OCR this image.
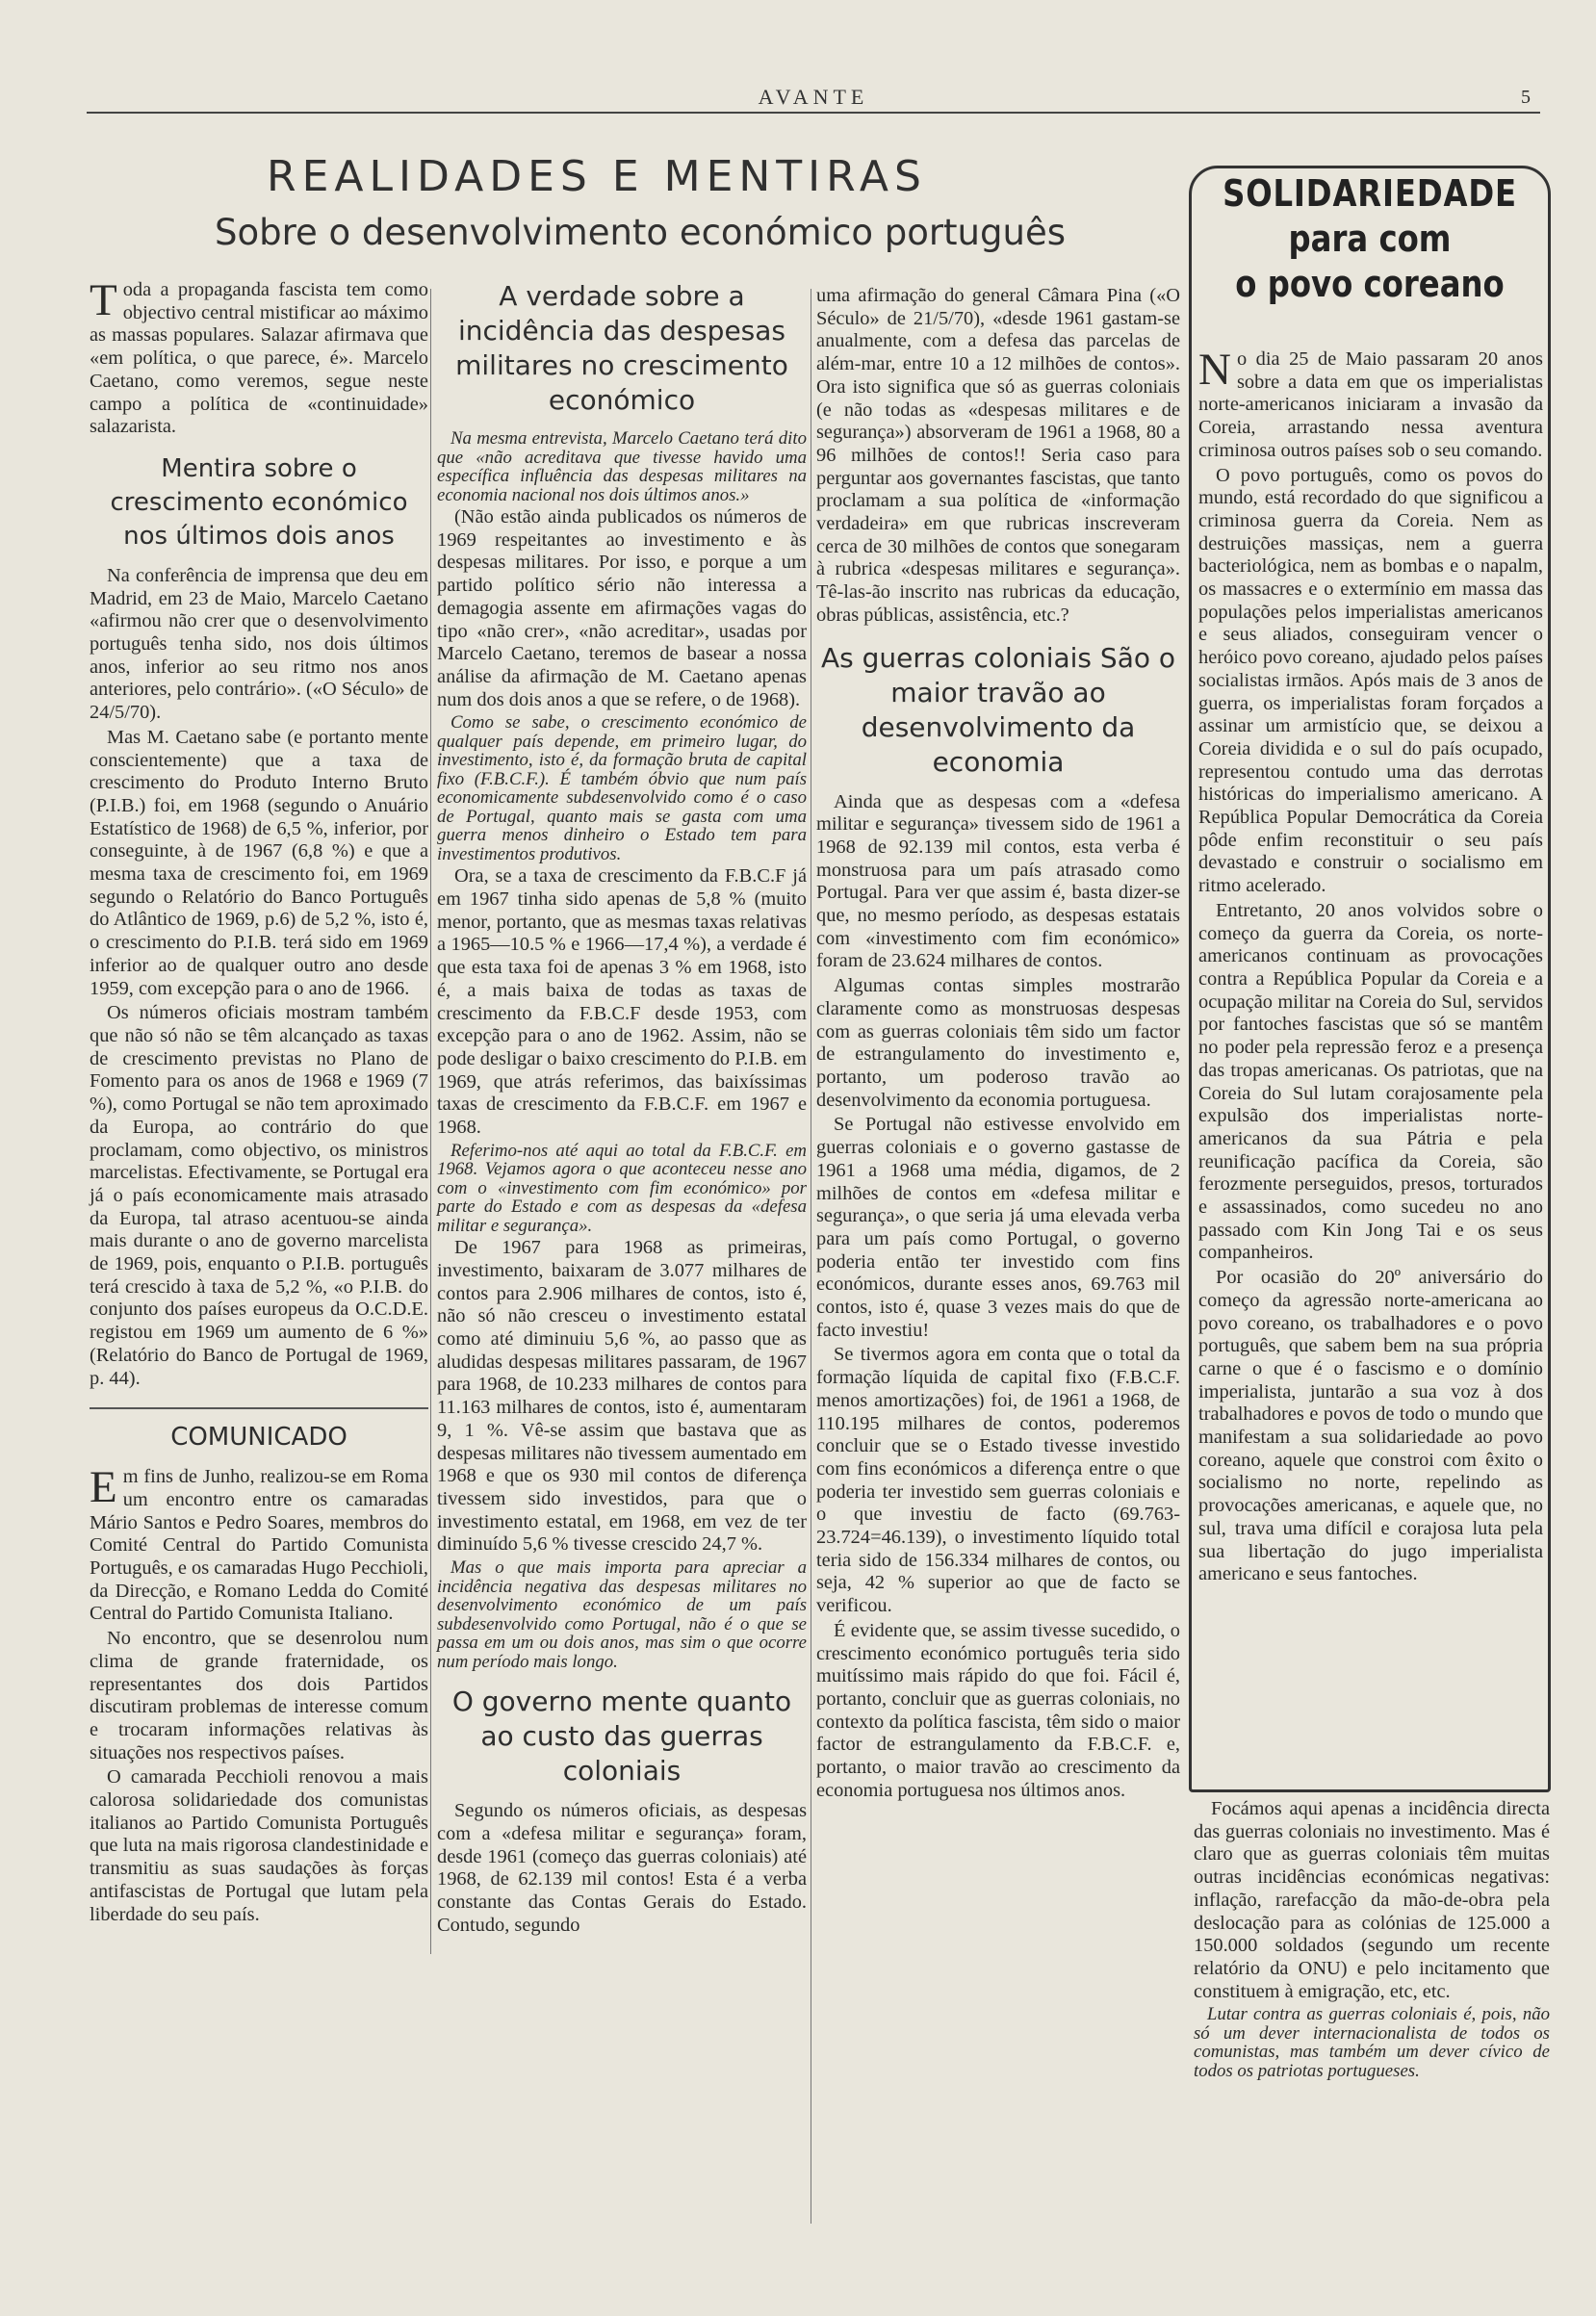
AVANTE	5
REALIDADES E MENTIRAS
Sobre o desenvolvimento económico português

Toda a propaganda fascista tem como objectivo central mistificar ao máximo as massas populares. Salazar afirmava que «em política, o que parece, é». Marcelo Caetano, como veremos, segue neste campo a política de «continuidade» salazarista.

Mentira sobre o crescimento económico nos últimos dois anos

Na conferência de imprensa que deu em Madrid, em 23 de Maio, Marcelo Caetano «afirmou não crer que o desenvolvimento português tenha sido, nos dois últimos anos, inferior ao seu ritmo nos anos anteriores, pelo contrário». («O Século» de 24/5/70).

Mas M. Caetano sabe (e portanto mente conscientemente) que a taxa de crescimento do Produto Interno Bruto (P.I.B.) foi, em 1968 (segundo o Anuário Estatístico de 1968) de 6,5 %, inferior, por conseguinte, à de 1967 (6,8 %) e que a mesma taxa de crescimento foi, em 1969 segundo o Relatório do Banco Português do Atlântico de 1969, p.6) de 5,2 %, isto é, o crescimento do P.I.B. terá sido em 1969 inferior ao de qualquer outro ano desde 1959, com excepção para o ano de 1966.

Os números oficiais mostram também que não só não se têm alcançado as taxas de crescimento previstas no Plano de Fomento para os anos de 1968 e 1969 (7 %), como Portugal se não tem aproximado da Europa, ao contrário do que proclamam, como objectivo, os ministros marcelistas. Efectivamente, se Portugal era já o país economicamente mais atrasado da Europa, tal atraso acentuou-se ainda mais durante o ano de governo marcelista de 1969, pois, enquanto o P.I.B. português terá crescido à taxa de 5,2 %, «o P.I.B. do conjunto dos países europeus da O.C.D.E. registou em 1969 um aumento de 6 %» (Relatório do Banco de Portugal de 1969, p. 44).

COMUNICADO

Em fins de Junho, realizou-se em Roma um encontro entre os camaradas Mário Santos e Pedro Soares, membros do Comité Central do Partido Comunista Português, e os camaradas Hugo Pecchioli, da Direcção, e Romano Ledda do Comité Central do Partido Comunista Italiano.

No encontro, que se desenrolou num clima de grande fraternidade, os representantes dos dois Partidos discutiram problemas de interesse comum e trocaram informações relativas às situações nos respectivos países.

O camarada Pecchioli renovou a mais calorosa solidariedade dos comunistas italianos ao Partido Comunista Português que luta na mais rigorosa clandestinidade e transmitiu as suas saudações às forças antifascistas de Portugal que lutam pela liberdade do seu país.

A verdade sobre a incidência das despesas militares no crescimento económico

Na mesma entrevista, Marcelo Caetano terá dito que «não acreditava que tivesse havido uma específica influência das despesas militares na economia nacional nos dois últimos anos.»

(Não estão ainda publicados os números de 1969 respeitantes ao investimento e às despesas militares. Por isso, e porque a um partido político sério não interessa a demagogia assente em afirmações vagas do tipo «não crer», «não acreditar», usadas por Marcelo Caetano, teremos de basear a nossa análise da afirmação de M. Caetano apenas num dos dois anos a que se refere, o de 1968).

Como se sabe, o crescimento económico de qualquer país depende, em primeiro lugar, do investimento, isto é, da formação bruta de capital fixo (F.B.C.F.). É também óbvio que num país economicamente subdesenvolvido como é o caso de Portugal, quanto mais se gasta com uma guerra menos dinheiro o Estado tem para investimentos produtivos.

Ora, se a taxa de crescimento da F.B.C.F já em 1967 tinha sido apenas de 5,8 % (muito menor, portanto, que as mesmas taxas relativas a 1965—10.5 % e 1966—17,4 %), a verdade é que esta taxa foi de apenas 3 % em 1968, isto é, a mais baixa de todas as taxas de crescimento da F.B.C.F desde 1953, com excepção para o ano de 1962. Assim, não se pode desligar o baixo crescimento do P.I.B. em 1969, que atrás referimos, das baixíssimas taxas de crescimento da F.B.C.F. em 1967 e 1968.

Referimo-nos até aqui ao total da F.B.C.F. em 1968. Vejamos agora o que aconteceu nesse ano com o «investimento com fim económico» por parte do Estado e com as despesas da «defesa militar e segurança».

De 1967 para 1968 as primeiras, investimento, baixaram de 3.077 milhares de contos para 2.906 milhares de contos, isto é, não só não cresceu o investimento estatal como até diminuiu 5,6 %, ao passo que as aludidas despesas militares passaram, de 1967 para 1968, de 10.233 milhares de contos para 11.163 milhares de contos, isto é, aumentaram 9, 1 %. Vê-se assim que bastava que as despesas militares não tivessem aumentado em 1968 e que os 930 mil contos de diferença tivessem sido investidos, para que o investimento estatal, em 1968, em vez de ter diminuído 5,6 % tivesse crescido 24,7 %.

Mas o que mais importa para apreciar a incidência negativa das despesas militares no desenvolvimento económico de um país subdesenvolvido como Portugal, não é o que se passa em um ou dois anos, mas sim o que ocorre num período mais longo.

O governo mente quanto ao custo das guerras coloniais

Segundo os números oficiais, as despesas com a «defesa militar e segurança» foram, desde 1961 (começo das guerras coloniais) até 1968, de 62.139 mil contos! Esta é a verba constante das Contas Gerais do Estado. Contudo, segundo

uma afirmação do general Câmara Pina («O Século» de 21/5/70), «desde 1961 gastam-se anualmente, com a defesa das parcelas de além-mar, entre 10 a 12 milhões de contos». Ora isto significa que só as guerras coloniais (e não todas as «despesas militares e de segurança») absorveram de 1961 a 1968, 80 a 96 milhões de contos!! Seria caso para perguntar aos governantes fascistas, que tanto proclamam a sua política de «informação verdadeira» em que rubricas inscreveram cerca de 30 milhões de contos que sonegaram à rubrica «despesas militares e segurança». Tê-las-ão inscrito nas rubricas da educação, obras públicas, assistência, etc.?

As guerras coloniais São o maior travão ao desenvolvimento da economia

Ainda que as despesas com a «defesa militar e segurança» tivessem sido de 1961 a 1968 de 92.139 mil contos, esta verba é monstruosa para um país atrasado como Portugal. Para ver que assim é, basta dizer-se que, no mesmo período, as despesas estatais com «investimento com fim económico» foram de 23.624 milhares de contos.

Algumas contas simples mostrarão claramente como as monstruosas despesas com as guerras coloniais têm sido um factor de estrangulamento do investimento e, portanto, um poderoso travão ao desenvolvimento da economia portuguesa.

Se Portugal não estivesse envolvido em guerras coloniais e o governo gastasse de 1961 a 1968 uma média, digamos, de 2 milhões de contos em «defesa militar e segurança», o que seria já uma elevada verba para um país como Portugal, o governo poderia então ter investido com fins económicos, durante esses anos, 69.763 mil contos, isto é, quase 3 vezes mais do que de facto investiu!

Se tivermos agora em conta que o total da formação líquida de capital fixo (F.B.C.F. menos amortizações) foi, de 1961 a 1968, de 110.195 milhares de contos, poderemos concluir que se o Estado tivesse investido com fins económicos a diferença entre o que poderia ter investido sem guerras coloniais e o que investiu de facto (69.763-23.724=46.139), o investimento líquido total teria sido de 156.334 milhares de contos, ou seja, 42 % superior ao que de facto se verificou.

É evidente que, se assim tivesse sucedido, o crescimento económico português teria sido muitíssimo mais rápido do que foi. Fácil é, portanto, concluir que as guerras coloniais, no contexto da política fascista, têm sido o maior factor de estrangulamento da F.B.C.F. e, portanto, o maior travão ao crescimento da economia portuguesa nos últimos anos.

SOLIDARIEDADE
para com
o povo coreano

No dia 25 de Maio passaram 20 anos sobre a data em que os imperialistas norte-americanos iniciaram a invasão da Coreia, arrastando nessa aventura criminosa outros países sob o seu comando.

O povo português, como os povos do mundo, está recordado do que significou a criminosa guerra da Coreia. Nem as destruições massiças, nem a guerra bacteriológica, nem as bombas e o napalm, os massacres e o extermínio em massa das populações pelos imperialistas americanos e seus aliados, conseguiram vencer o heróico povo coreano, ajudado pelos países socialistas irmãos. Após mais de 3 anos de guerra, os imperialistas foram forçados a assinar um armistício que, se deixou a Coreia dividida e o sul do país ocupado, representou contudo uma das derrotas históricas do imperialismo americano. A República Popular Democrática da Coreia pôde enfim reconstituir o seu país devastado e construir o socialismo em ritmo acelerado.

Entretanto, 20 anos volvidos sobre o começo da guerra da Coreia, os norte-americanos continuam as provocações contra a República Popular da Coreia e a ocupação militar na Coreia do Sul, servidos por fantoches fascistas que só se mantêm no poder pela repressão feroz e a presença das tropas americanas. Os patriotas, que na Coreia do Sul lutam corajosamente pela expulsão dos imperialistas norte-americanos da sua Pátria e pela reunificação pacífica da Coreia, são ferozmente perseguidos, presos, torturados e assassinados, como sucedeu no ano passado com Kin Jong Tai e os seus companheiros.

Por ocasião do 20º aniversário do começo da agressão norte-americana ao povo coreano, os trabalhadores e o povo português, que sabem bem na sua própria carne o que é o fascismo e o domínio imperialista, juntarão a sua voz à dos trabalhadores e povos de todo o mundo que manifestam a sua solidariedade ao povo coreano, aquele que constroi com êxito o socialismo no norte, repelindo as provocações americanas, e aquele que, no sul, trava uma difícil e corajosa luta pela sua libertação do jugo imperialista americano e seus fantoches.

Focámos aqui apenas a incidência directa das guerras coloniais no investimento. Mas é claro que as guerras coloniais têm muitas outras incidências económicas negativas: inflação, rarefacção da mão-de-obra pela deslocação para as colónias de 125.000 a 150.000 soldados (segundo um recente relatório da ONU) e pelo incitamento que constituem à emigração, etc, etc.

Lutar contra as guerras coloniais é, pois, não só um dever internacionalista de todos os comunistas, mas também um dever cívico de todos os patriotas portugueses.
